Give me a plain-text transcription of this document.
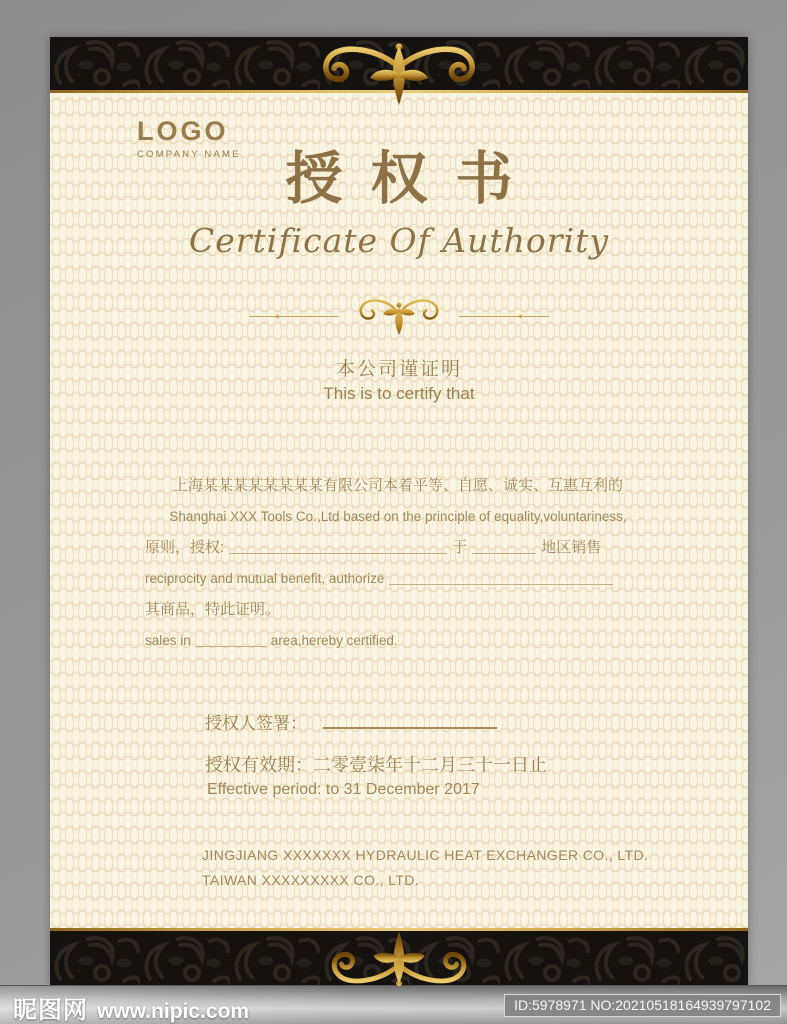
LOGO
COMPANY NAME 授权书
Certificate Of Authority
本公司谨证明
This is to certify that
上海某某某某某某某某有限公司本着平等、自愿、诚实、互惠互利的
Shanghai XXX Tools Co.,Ltd based on the principle of equality,voluntariness,
原则，授权:	于	地区销售
reciprocity and mutual benefit, authorize
其商品，特此证明。
sales in	area,hereby certified.
授权人签署：
授权有效期：二零壹柒年十二月三十一日止
Effective period: to 31 December 2017
JINGJIANG XXXXXXX HYDRAULIC HEAT EXCHANGER CO., LTD.
TAIWAN XXXXXXXXX CO., LTD.
昵图网 www.nipic.com	ID:5978971 NO:20210518164939797102
